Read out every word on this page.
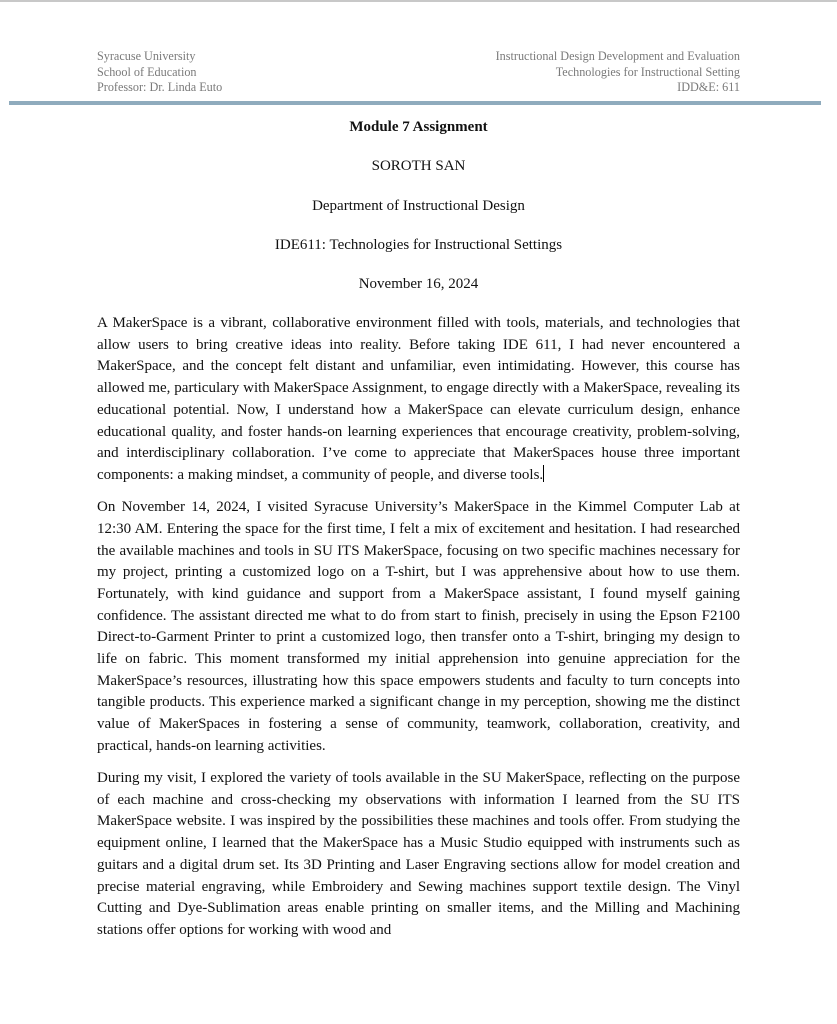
Syracuse University
School of Education
Professor: Dr. Linda Euto
Instructional Design Development and Evaluation
Technologies for Instructional Setting
IDD&E: 611
Module 7 Assignment
SOROTH SAN
Department of Instructional Design
IDE611: Technologies for Instructional Settings
November 16, 2024

A MakerSpace is a vibrant, collaborative environment filled with tools, materials, and technologies that allow users to bring creative ideas into reality. Before taking IDE 611, I had never encountered a MakerSpace, and the concept felt distant and unfamiliar, even intimidating. However, this course has allowed me, particulary with MakerSpace Assignment, to engage directly with a MakerSpace, revealing its educational potential. Now, I understand how a MakerSpace can elevate curriculum design, enhance educational quality, and foster hands-on learning experiences that encourage creativity, problem-solving, and interdisciplinary collaboration. I’ve come to appreciate that MakerSpaces house three important components: a making mindset, a community of people, and diverse tools.

On November 14, 2024, I visited Syracuse University’s MakerSpace in the Kimmel Computer Lab at 12:30 AM. Entering the space for the first time, I felt a mix of excitement and hesitation. I had researched the available machines and tools in SU ITS MakerSpace, focusing on two specific machines necessary for my project, printing a customized logo on a T-shirt, but I was apprehensive about how to use them. Fortunately, with kind guidance and support from a MakerSpace assistant, I found myself gaining confidence. The assistant directed me what to do from start to finish, precisely in using the Epson F2100 Direct-to-Garment Printer to print a customized logo, then transfer onto a T-shirt, bringing my design to life on fabric. This moment transformed my initial apprehension into genuine appreciation for the MakerSpace’s resources, illustrating how this space empowers students and faculty to turn concepts into tangible products. This experience marked a significant change in my perception, showing me the distinct value of MakerSpaces in fostering a sense of community, teamwork, collaboration, creativity, and practical, hands-on learning activities.

During my visit, I explored the variety of tools available in the SU MakerSpace, reflecting on the purpose of each machine and cross-checking my observations with information I learned from the SU ITS MakerSpace website. I was inspired by the possibilities these machines and tools offer. From studying the equipment online, I learned that the MakerSpace has a Music Studio equipped with instruments such as guitars and a digital drum set. Its 3D Printing and Laser Engraving sections allow for model creation and precise material engraving, while Embroidery and Sewing machines support textile design. The Vinyl Cutting and Dye-Sublimation areas enable printing on smaller items, and the Milling and Machining stations offer options for working with wood and
